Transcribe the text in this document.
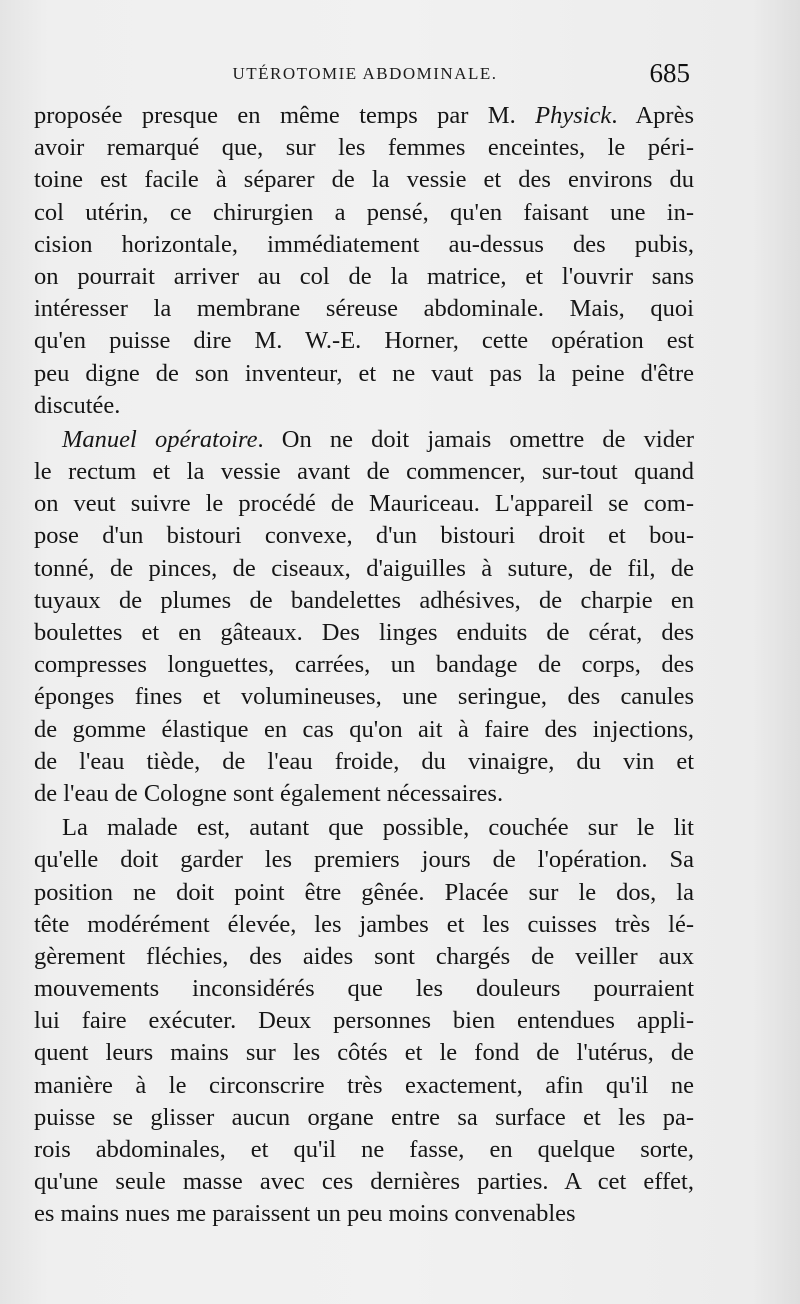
UTÉROTOMIE ABDOMINALE.	685

proposée presque en même temps par M. Physick. Après
avoir remarqué que, sur les femmes enceintes, le péri-
toine est facile à séparer de la vessie et des environs du
col utérin, ce chirurgien a pensé, qu'en faisant une in-
cision horizontale, immédiatement au-dessus des pubis,
on pourrait arriver au col de la matrice, et l'ouvrir sans
intéresser la membrane séreuse abdominale. Mais, quoi
qu'en puisse dire M. W.-E. Horner, cette opération est
peu digne de son inventeur, et ne vaut pas la peine d'être
discutée.

Manuel opératoire. On ne doit jamais omettre de vider
le rectum et la vessie avant de commencer, sur-tout quand
on veut suivre le procédé de Mauriceau. L'appareil se com-
pose d'un bistouri convexe, d'un bistouri droit et bou-
tonné, de pinces, de ciseaux, d'aiguilles à suture, de fil, de
tuyaux de plumes de bandelettes adhésives, de charpie en
boulettes et en gâteaux. Des linges enduits de cérat, des
compresses longuettes, carrées, un bandage de corps, des
éponges fines et volumineuses, une seringue, des canules
de gomme élastique en cas qu'on ait à faire des injections,
de l'eau tiède, de l'eau froide, du vinaigre, du vin et
de l'eau de Cologne sont également nécessaires.

La malade est, autant que possible, couchée sur le lit
qu'elle doit garder les premiers jours de l'opération. Sa
position ne doit point être gênée. Placée sur le dos, la
tête modérément élevée, les jambes et les cuisses très lé-
gèrement fléchies, des aides sont chargés de veiller aux
mouvements inconsidérés que les douleurs pourraient
lui faire exécuter. Deux personnes bien entendues appli-
quent leurs mains sur les côtés et le fond de l'utérus, de
manière à le circonscrire très exactement, afin qu'il ne
puisse se glisser aucun organe entre sa surface et les pa-
rois abdominales, et qu'il ne fasse, en quelque sorte,
qu'une seule masse avec ces dernières parties. A cet effet,
es mains nues me paraissent un peu moins convenables
